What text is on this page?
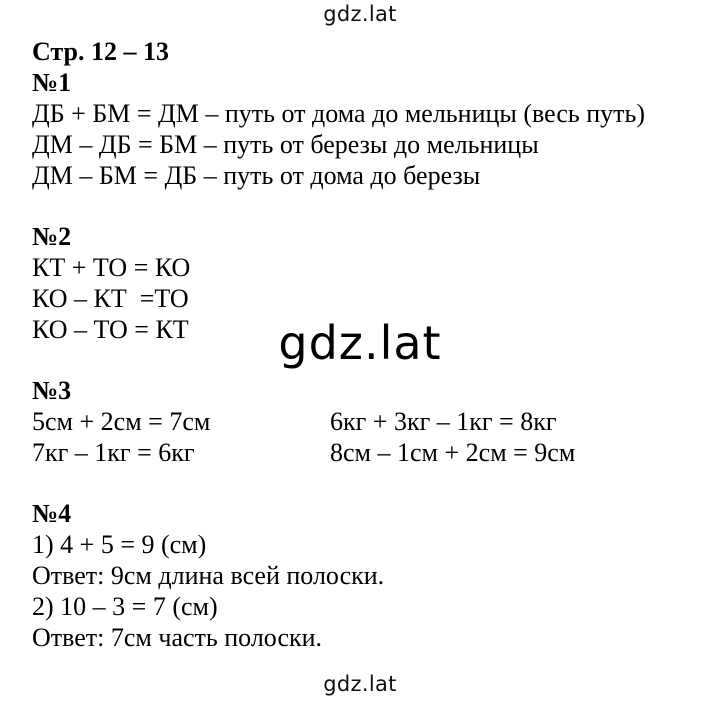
gdz.lat
gdz.lat
gdz.lat
Стр. 12 – 13
№1
ДБ + БМ = ДМ – путь от дома до мельницы (весь путь)
ДМ – ДБ = БМ – путь от березы до мельницы
ДМ – БМ = ДБ – путь от дома до березы
№2
КТ + ТО = КО
КО – КТ  =ТО
КО – ТО = КТ
№3
5см + 2см = 7см	6кг + 3кг – 1кг = 8кг
7кг – 1кг = 6кг	8см – 1см + 2см = 9см
№4
1) 4 + 5 = 9 (см)
Ответ: 9см длина всей полоски.
2) 10 – 3 = 7 (см)
Ответ: 7см часть полоски.
